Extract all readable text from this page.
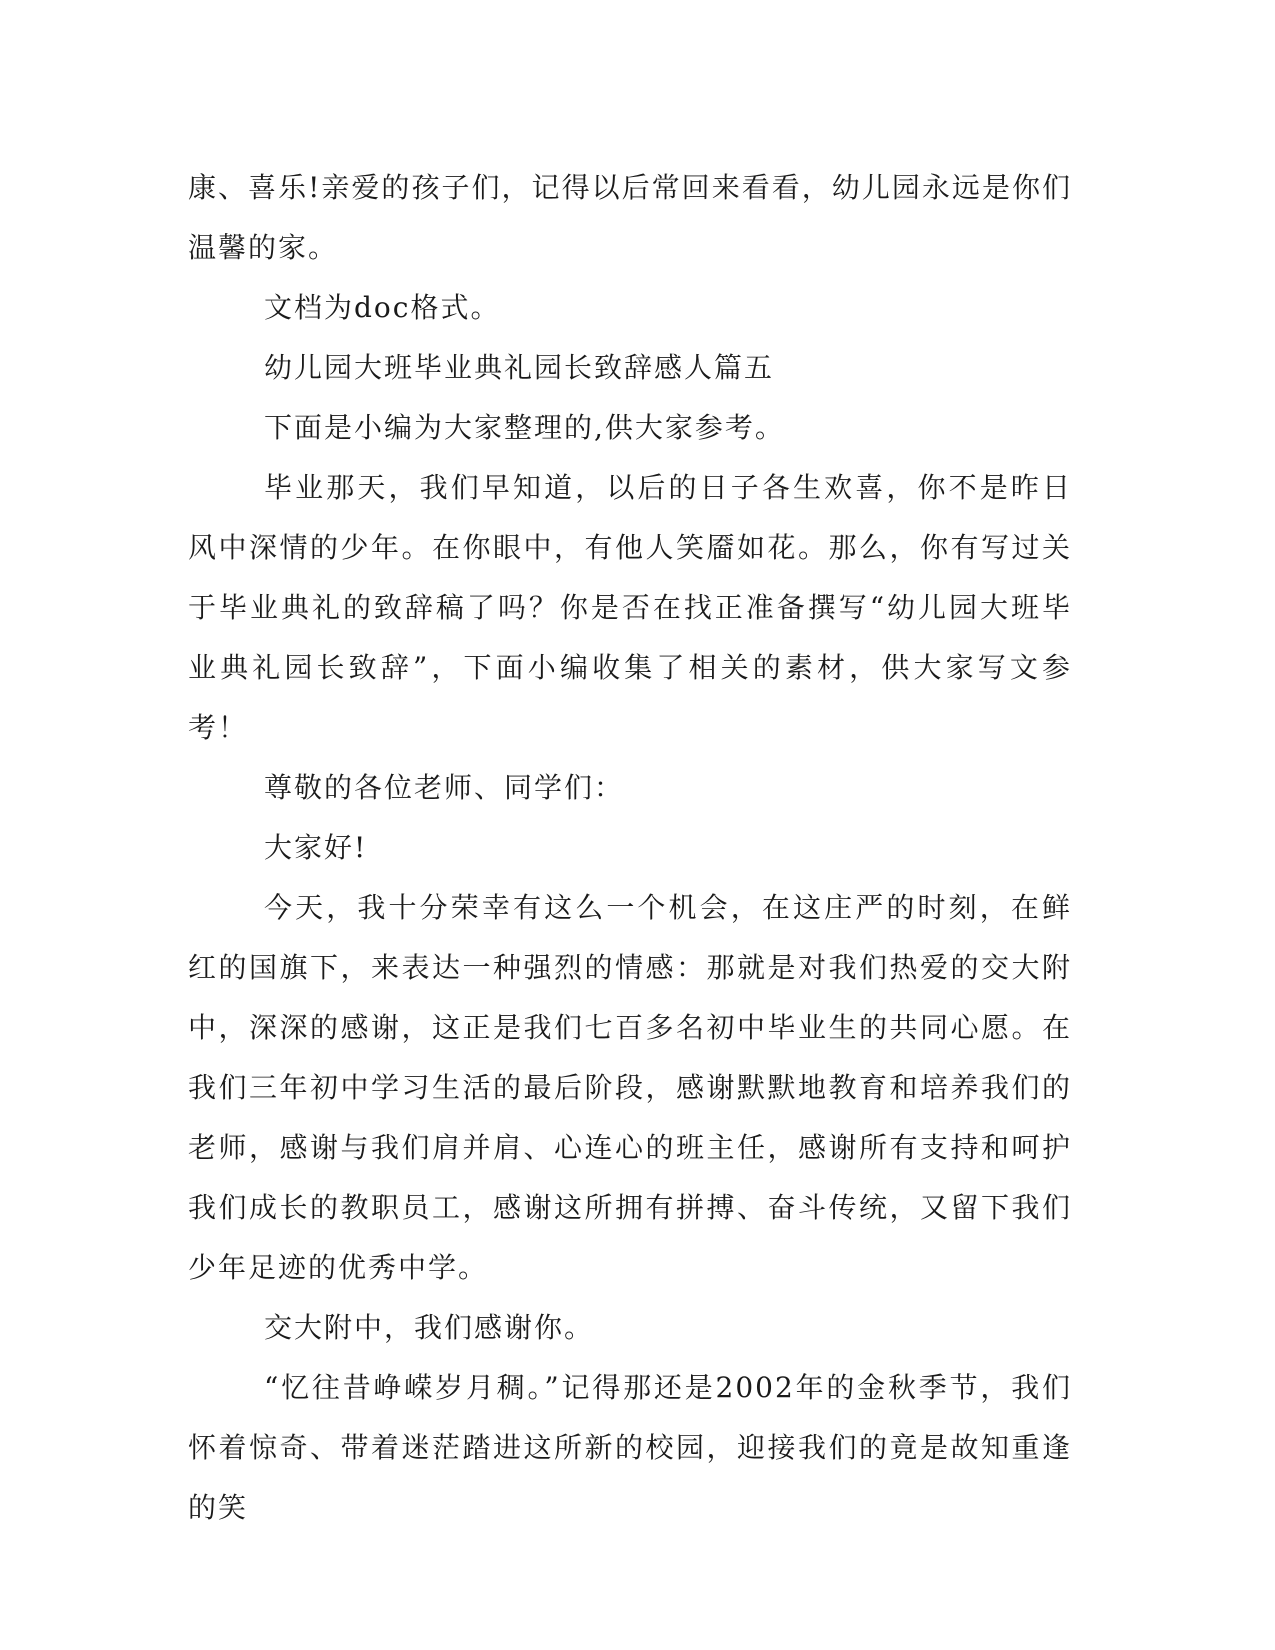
康、喜乐!亲爱的孩子们，记得以后常回来看看，幼儿园永远是你们温馨的家。

文档为doc格式。

幼儿园大班毕业典礼园长致辞感人篇五

下面是小编为大家整理的,供大家参考。

毕业那天，我们早知道，以后的日子各生欢喜，你不是昨日风中深情的少年。在你眼中，有他人笑靥如花。那么，你有写过关于毕业典礼的致辞稿了吗？你是否在找正准备撰写“幼儿园大班毕业典礼园长致辞”，下面小编收集了相关的素材，供大家写文参考！

尊敬的各位老师、同学们：

大家好!

今天，我十分荣幸有这么一个机会，在这庄严的时刻，在鲜红的国旗下，来表达一种强烈的情感：那就是对我们热爱的交大附中，深深的感谢，这正是我们七百多名初中毕业生的共同心愿。在我们三年初中学习生活的最后阶段，感谢默默地教育和培养我们的老师，感谢与我们肩并肩、心连心的班主任，感谢所有支持和呵护我们成长的教职员工，感谢这所拥有拼搏、奋斗传统，又留下我们少年足迹的优秀中学。

交大附中，我们感谢你。

“忆往昔峥嵘岁月稠。”记得那还是2002年的金秋季节，我们怀着惊奇、带着迷茫踏进这所新的校园，迎接我们的竟是故知重逢的笑
